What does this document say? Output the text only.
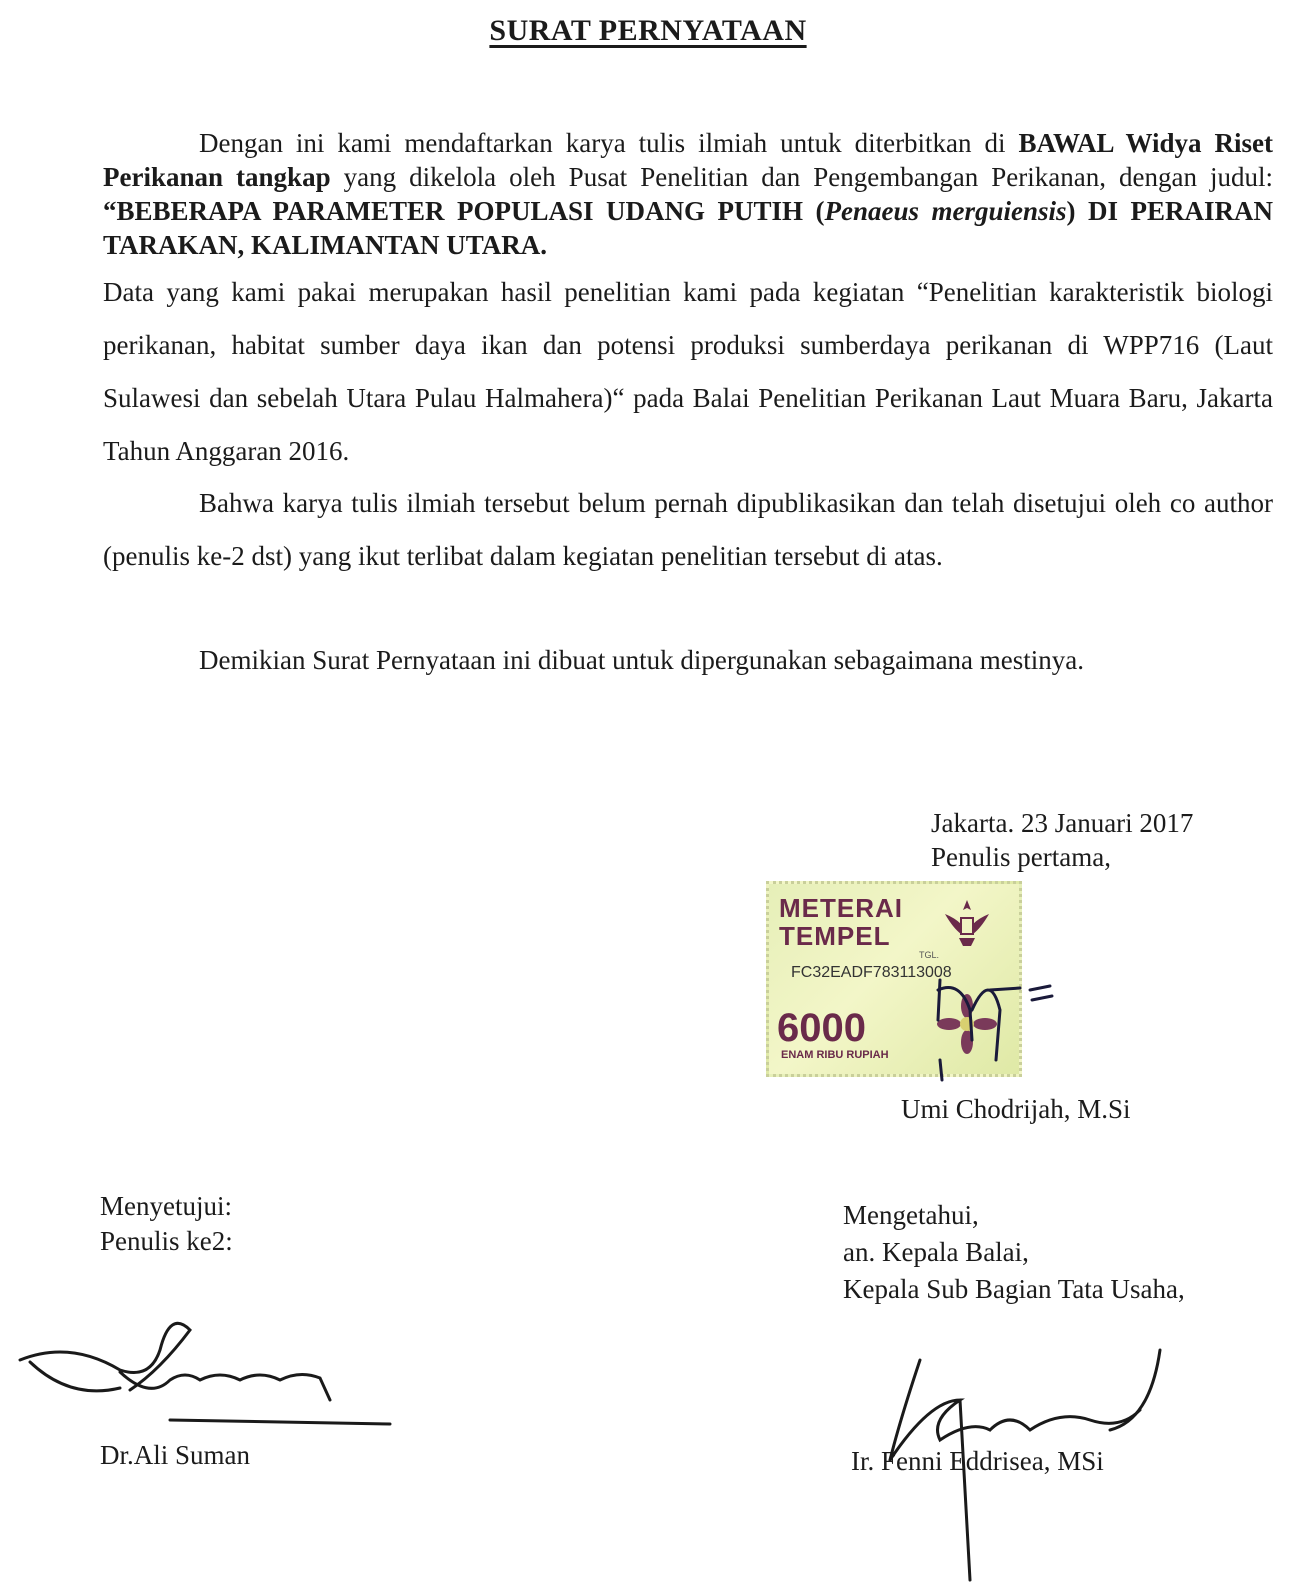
SURAT PERNYATAAN
Dengan ini kami mendaftarkan karya tulis ilmiah untuk diterbitkan di BAWAL Widya Riset Perikanan tangkap yang dikelola oleh Pusat Penelitian dan Pengembangan Perikanan, dengan judul: “BEBERAPA PARAMETER POPULASI UDANG PUTIH (Penaeus merguiensis) DI PERAIRAN TARAKAN, KALIMANTAN UTARA.
Data yang kami pakai merupakan hasil penelitian kami pada kegiatan “Penelitian karakteristik biologi perikanan, habitat sumber daya ikan dan potensi produksi sumberdaya perikanan di WPP716 (Laut Sulawesi dan sebelah Utara Pulau Halmahera)“ pada Balai Penelitian Perikanan Laut Muara Baru, Jakarta Tahun Anggaran 2016.
Bahwa karya tulis ilmiah tersebut belum pernah dipublikasikan dan telah disetujui oleh co author (penulis ke-2 dst) yang ikut terlibat dalam kegiatan penelitian tersebut di atas.
Demikian Surat Pernyataan ini dibuat untuk dipergunakan sebagaimana mestinya.
Jakarta. 23 Januari 2017
Penulis pertama,
METERAI
TEMPEL
TGL.
FC32EADF783113008
6000
ENAM RIBU RUPIAH
Umi Chodrijah, M.Si
Menyetujui:
Penulis ke2:
Dr.Ali Suman
Mengetahui,
an. Kepala Balai,
Kepala Sub Bagian Tata Usaha,
Ir. Fenni Eddrisea, MSi
